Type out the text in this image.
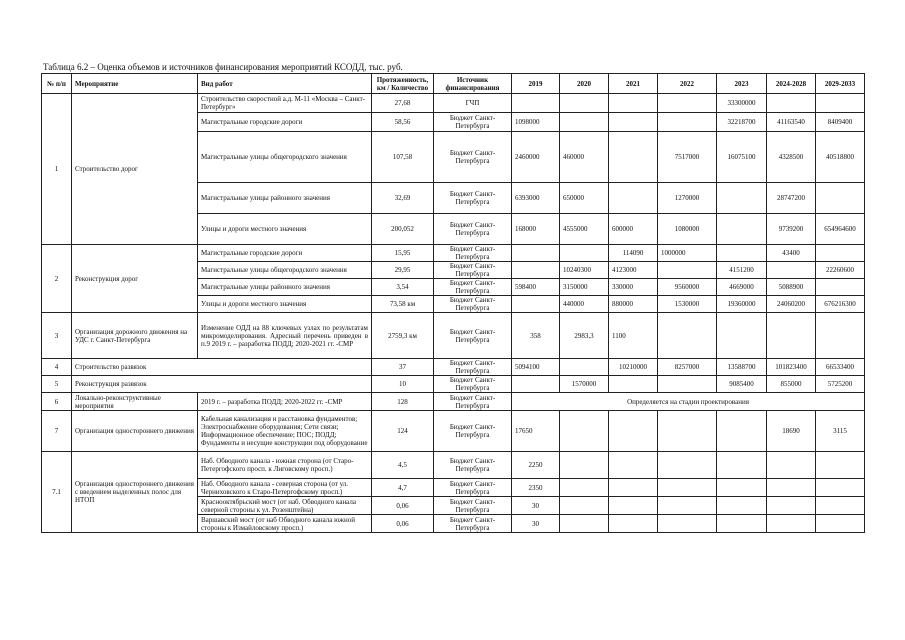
Таблица 6.2 – Оценка объемов и источников финансирования мероприятий КСОДД, тыс. руб.
№ п/п	Мероприятие	Вид работ	Протяженность, км / Количество	Источник финансирования	2019	2020	2021	2022	2023	2024-2028	2029-2033
1	Строительство дорог	Строительство скоростной а.д. М-11 «Москва – Санкт-Петербург»	27,68	ГЧП					33300000		
		Магистральные городские дороги	58,56	Бюджет Санкт-Петербурга	1098000				32218700	41163540	8409400
		Магистральные улицы общегородского значения	107,58	Бюджет Санкт-Петербурга	2460000	460000		7517000	16075100	4328500	40518800
		Магистральные улицы районного значения	32,69	Бюджет Санкт-Петербурга	6393000	650000		1270000		28747200	
		Улицы и дороги местного значения	200,052	Бюджет Санкт-Петербурга	168000	4555000	600000	1080000		9739200	654964600
2	Реконструкция дорог	Магистральные городские дороги	15,95	Бюджет Санкт-Петербурга			114090	1000000		43400	
		Магистральные улицы общегородского значения	29,95	Бюджет Санкт-Петербурга		10240300	4123000		4151200		22260600
		Магистральные улицы районного значения	3,54	Бюджет Санкт-Петербурга	598400	3150000	330000	9560000	4669000	5088900	
		Улицы и дороги местного значения	73,58 км	Бюджет Санкт-Петербурга		440000	880000	1530000	19360000	24060200	676216300
3	Организация дорожного движения на УДС г. Санкт-Петербурга	Изменение ОДД на 88 ключевых узлах по результатам микромоделирования. Адресный перечень приведен в п.9 2019 г. – разработка ПОДД; 2020-2021 гг. -СМР	2759,3 км	Бюджет Санкт-Петербурга	358	2983,3	1100				
4	Строительство развязок		37	Бюджет Санкт-Петербурга	5094100		10210000	8257000	13588700	101823400	66533400
5	Реконструкция развязок		10	Бюджет Санкт-Петербурга		1570000			9085400	855000	5725200
6	Локально-реконструктивные мероприятия	2019 г. – разработка ПОДД; 2020-2022 гг. -СМР	128	Бюджет Санкт-Петербурга	Определяется на стадии проектирования						
7	Организация одностороннего движения	Кабельная канализация и расстановка фундаментов; Электроснабжение оборудования; Сети связи; Информационное обеспечение; ПОС; ПОДД; Фундаменты и несущие конструкции под оборудование	124	Бюджет Санкт-Петербурга	17650					18690	3115
7.1	Организация одностороннего движения с введением выделенных полос для НТОП	Наб. Обводного канала - южная сторона (от Старо-Петергофского просп. к Лиговскому просп.)	4,5	Бюджет Санкт-Петербурга	2250						
		Наб. Обводного канала - северная сторона (от ул. Черниховского к Старо-Петергофскому просп.)	4,7	Бюджет Санкт-Петербурга	2350						
		Краснооктябрьский мост (от наб. Обводного канала северной стороны к ул. Розенштейна)	0,06	Бюджет Санкт-Петербурга	30						
		Варшавский мост (от наб Обводного канала южной стороны к Измайловскому просп.)	0,06	Бюджет Санкт-Петербурга	30						
